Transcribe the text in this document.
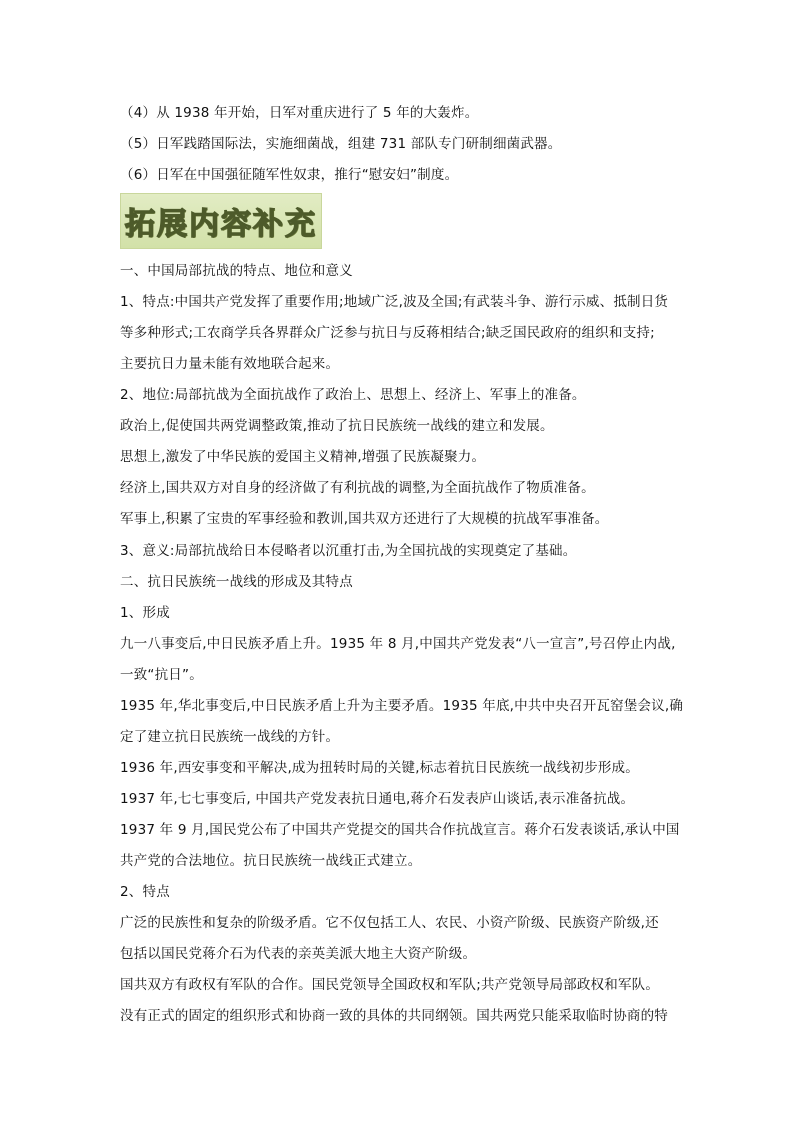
（4）从 1938 年开始，日军对重庆进行了 5 年的大轰炸。
（5）日军践踏国际法，实施细菌战，组建 731 部队专门研制细菌武器。
（6）日军在中国强征随军性奴隶，推行“慰安妇”制度。
拓展内容补充
一、中国局部抗战的特点、地位和意义
1、特点:中国共产党发挥了重要作用;地域广泛,波及全国;有武装斗争、游行示威、抵制日货
等多种形式;工农商学兵各界群众广泛参与抗日与反蒋相结合;缺乏国民政府的组织和支持;
主要抗日力量未能有效地联合起来。
2、地位:局部抗战为全面抗战作了政治上、思想上、经济上、军事上的准备。
政治上,促使国共两党调整政策,推动了抗日民族统一战线的建立和发展。
思想上,激发了中华民族的爱国主义精神,增强了民族凝聚力。
经济上,国共双方对自身的经济做了有利抗战的调整,为全面抗战作了物质准备。
军事上,积累了宝贵的军事经验和教训,国共双方还进行了大规模的抗战军事准备。
3、意义:局部抗战给日本侵略者以沉重打击,为全国抗战的实现奠定了基础。
二、抗日民族统一战线的形成及其特点
1、形成
九一八事变后,中日民族矛盾上升。1935 年 8 月,中国共产党发表“八一宣言”,号召停止内战,
一致“抗日”。
1935 年,华北事变后,中日民族矛盾上升为主要矛盾。1935 年底,中共中央召开瓦窑堡会议,确
定了建立抗日民族统一战线的方针。
1936 年,西安事变和平解决,成为扭转时局的关键,标志着抗日民族统一战线初步形成。
1937 年,七七事变后, 中国共产党发表抗日通电,蒋介石发表庐山谈话,表示准备抗战。
1937 年 9 月,国民党公布了中国共产党提交的国共合作抗战宣言。蒋介石发表谈话,承认中国
共产党的合法地位。抗日民族统一战线正式建立。
2、特点
广泛的民族性和复杂的阶级矛盾。它不仅包括工人、农民、小资产阶级、民族资产阶级,还
包括以国民党蒋介石为代表的亲英美派大地主大资产阶级。
国共双方有政权有军队的合作。国民党领导全国政权和军队;共产党领导局部政权和军队。
没有正式的固定的组织形式和协商一致的具体的共同纲领。国共两党只能采取临时协商的特
